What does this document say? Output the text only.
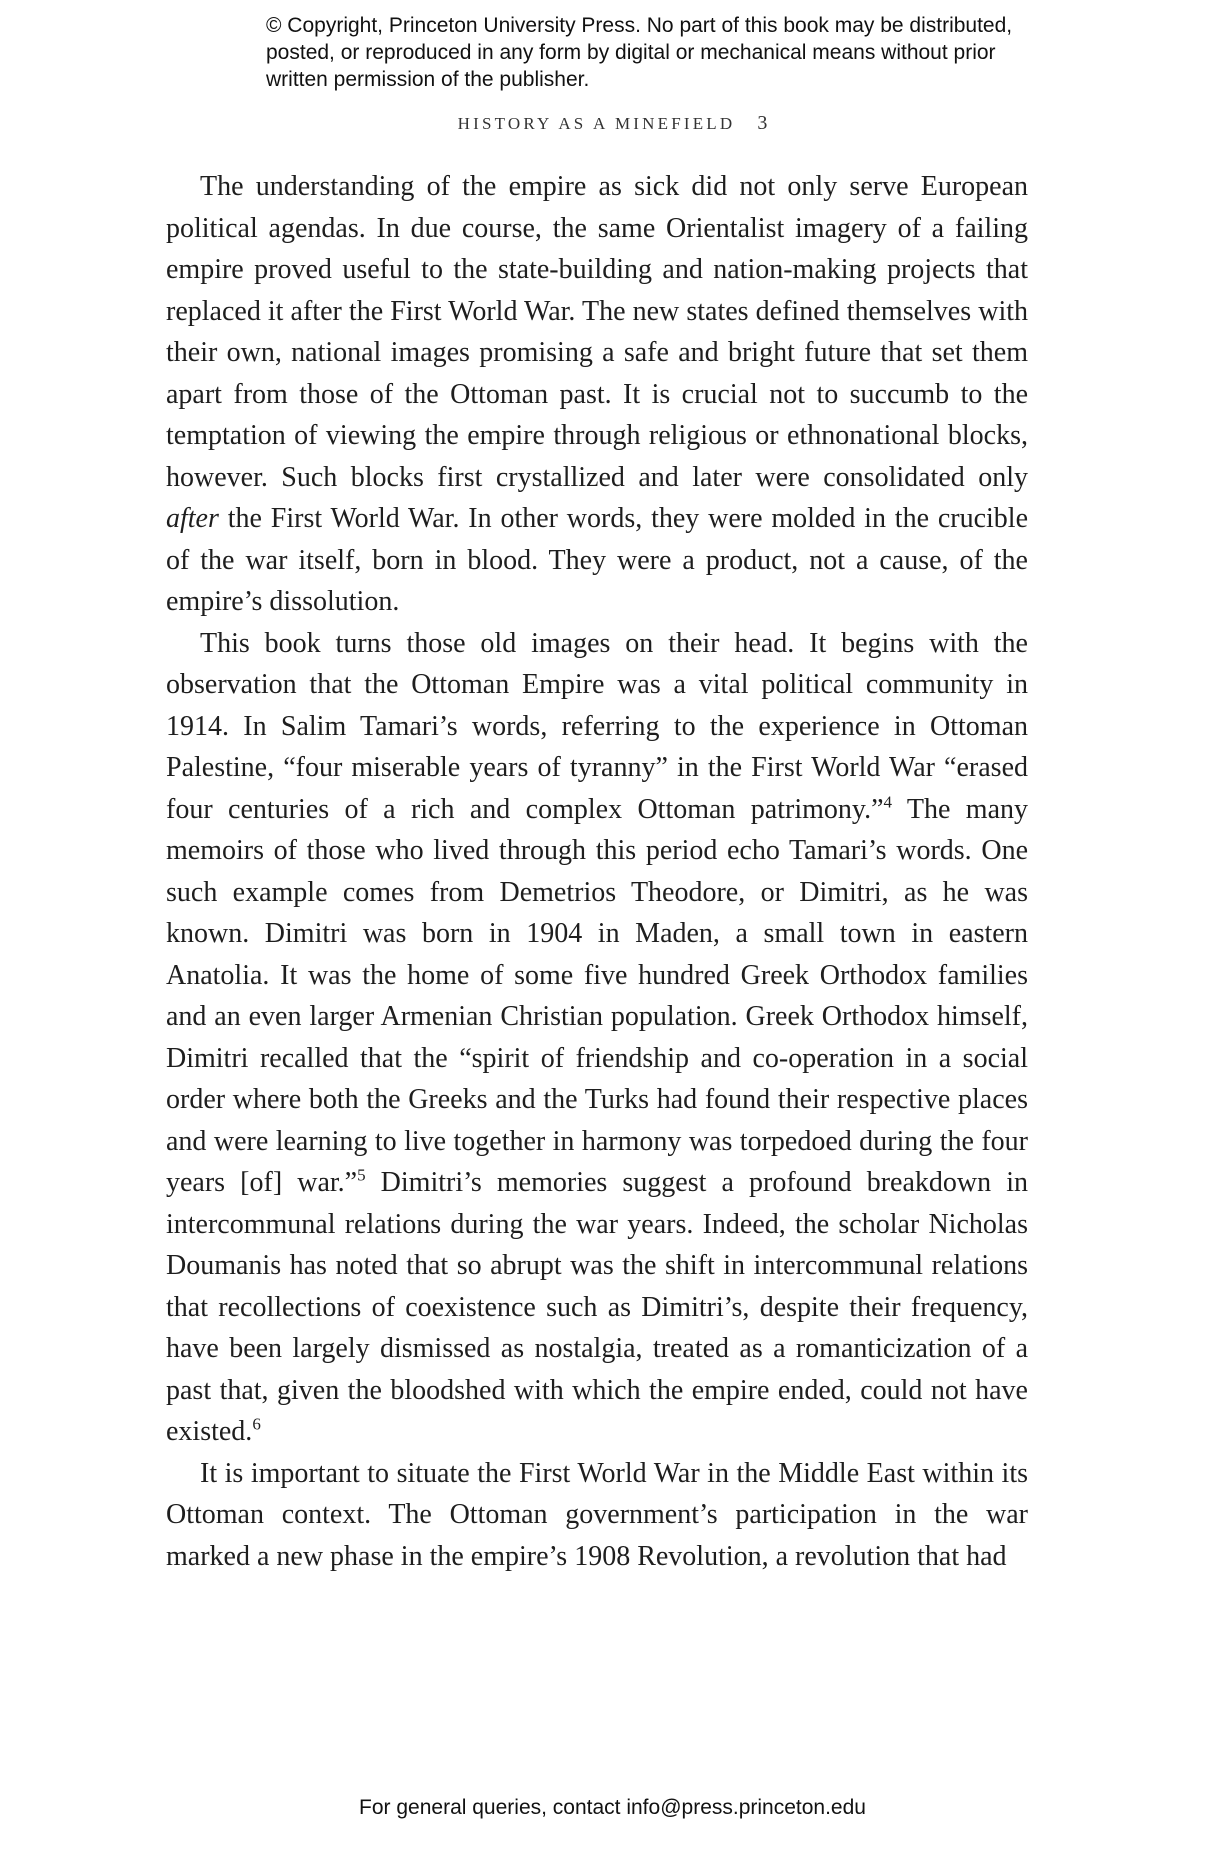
© Copyright, Princeton University Press. No part of this book may be distributed, posted, or reproduced in any form by digital or mechanical means without prior written permission of the publisher.

HISTORY AS A MINEFIELD 3

The understanding of the empire as sick did not only serve European political agendas. In due course, the same Orientalist imagery of a failing empire proved useful to the state-building and nation-making projects that replaced it after the First World War. The new states defined themselves with their own, national images promising a safe and bright future that set them apart from those of the Ottoman past. It is crucial not to succumb to the temptation of viewing the empire through religious or ethnonational blocks, however. Such blocks first crystallized and later were consolidated only after the First World War. In other words, they were molded in the crucible of the war itself, born in blood. They were a product, not a cause, of the empire’s dissolution.

This book turns those old images on their head. It begins with the observation that the Ottoman Empire was a vital political community in 1914. In Salim Tamari’s words, referring to the experience in Ottoman Palestine, “four miserable years of tyranny” in the First World War “erased four centuries of a rich and complex Ottoman patrimony.”$^4$ The many memoirs of those who lived through this period echo Tamari’s words. One such example comes from Demetrios Theodore, or Dimitri, as he was known. Dimitri was born in 1904 in Maden, a small town in eastern Anatolia. It was the home of some five hundred Greek Orthodox families and an even larger Armenian Christian population. Greek Orthodox himself, Dimitri recalled that the “spirit of friendship and co-operation in a social order where both the Greeks and the Turks had found their respective places and were learning to live together in harmony was torpedoed during the four years [of] war.”$^5$ Dimitri’s memories suggest a profound breakdown in intercommunal relations during the war years. Indeed, the scholar Nicholas Doumanis has noted that so abrupt was the shift in intercommunal relations that recollections of coexistence such as Dimitri’s, despite their frequency, have been largely dismissed as nostalgia, treated as a romanticization of a past that, given the bloodshed with which the empire ended, could not have existed.$^6$

It is important to situate the First World War in the Middle East within its Ottoman context. The Ottoman government’s participation in the war marked a new phase in the empire’s 1908 Revolution, a revolution that had

For general queries, contact info@press.princeton.edu
